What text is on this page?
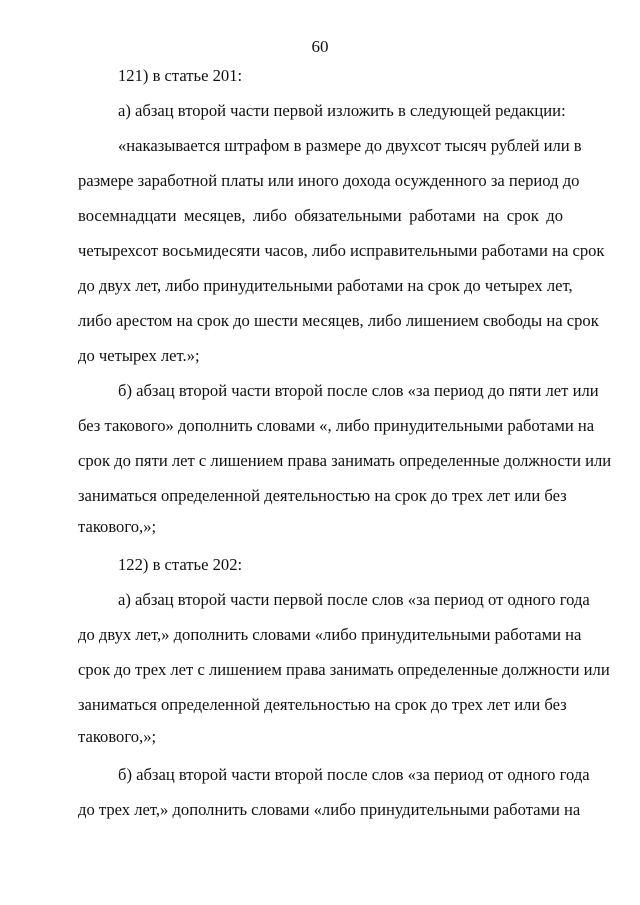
60
121) в статье 201:
а) абзац второй части первой изложить в следующей редакции:
«наказывается штрафом в размере до двухсот тысяч рублей или в
размере заработной платы или иного дохода осужденного за период до
восемнадцати месяцев, либо обязательными работами на срок до
четырехсот восьмидесяти часов, либо исправительными работами на срок
до двух лет, либо принудительными работами на срок до четырех лет,
либо арестом на срок до шести месяцев, либо лишением свободы на срок
до четырех лет.»;
б) абзац второй части второй после слов «за период до пяти лет или
без такового» дополнить словами «, либо принудительными работами на
срок до пяти лет с лишением права занимать определенные должности или
заниматься определенной деятельностью на срок до трех лет или без
такового,»;
122) в статье 202:
а) абзац второй части первой после слов «за период от одного года
до двух лет,» дополнить словами «либо принудительными работами на
срок до трех лет с лишением права занимать определенные должности или
заниматься определенной деятельностью на срок до трех лет или без
такового,»;
б) абзац второй части второй после слов «за период от одного года
до трех лет,» дополнить словами «либо принудительными работами на
